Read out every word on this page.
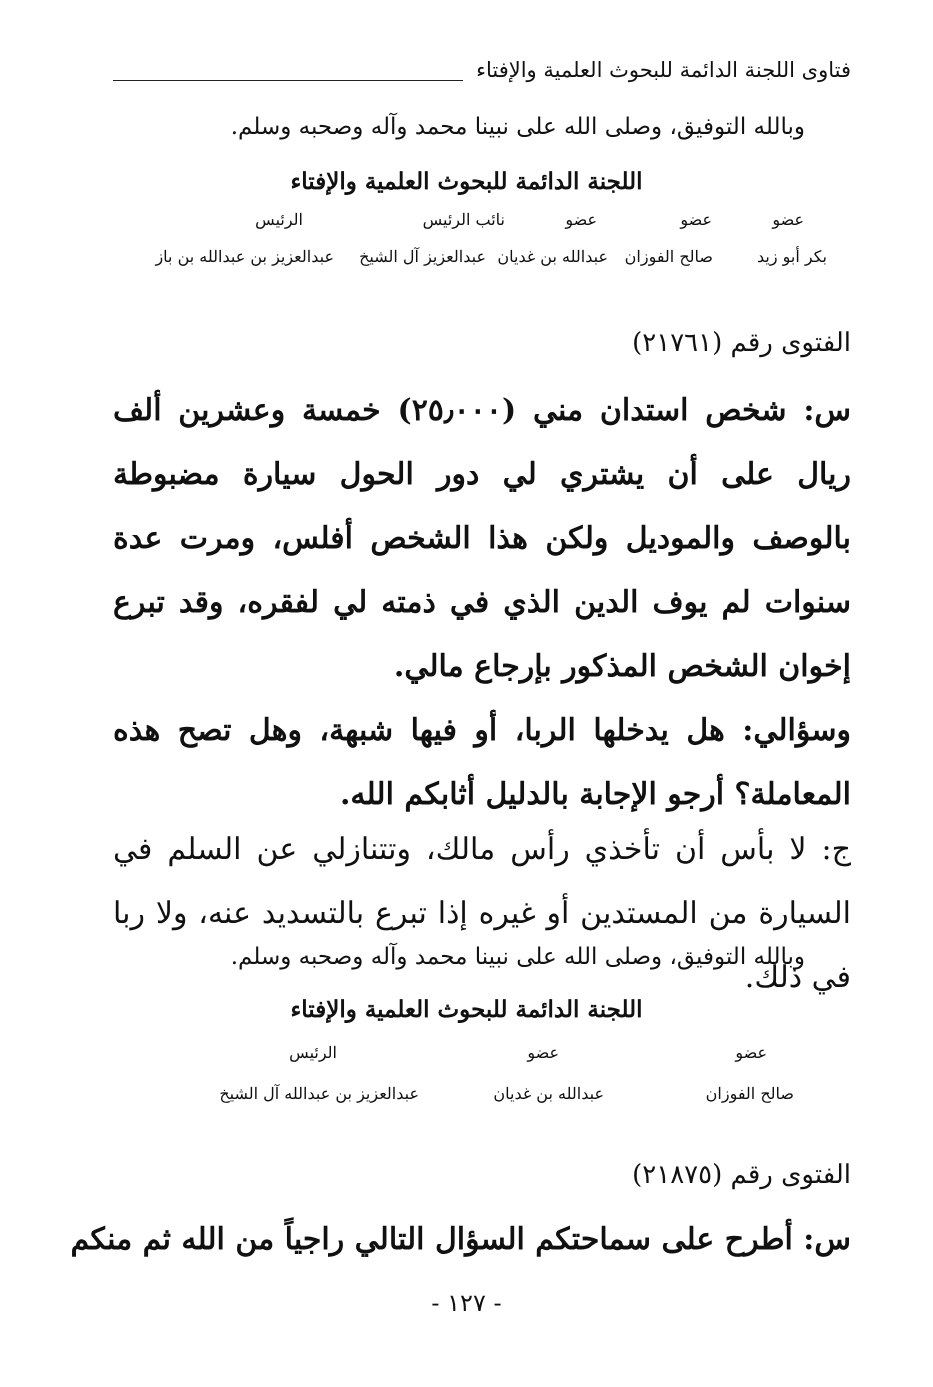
فتاوى اللجنة الدائمة للبحوث العلمية والإفتاء
وبالله التوفيق، وصلى الله على نبينا محمد وآله وصحبه وسلم.
اللجنة الدائمة للبحوث العلمية والإفتاء
عضو
عضو
عضو
نائب الرئيس
الرئيس
بكر أبو زيد
صالح الفوزان
عبدالله بن غديان
عبدالعزيز آل الشيخ
عبدالعزيز بن عبدالله بن باز
الفتوى رقم (٢١٧٦١)
س: شخص استدان مني (٢٥٫٠٠٠) خمسة وعشرين ألف ريال على أن يشتري لي دور الحول سيارة مضبوطة بالوصف والموديل ولكن هذا الشخص أفلس، ومرت عدة سنوات لم يوف الدين الذي في ذمته لي لفقره، وقد تبرع إخوان الشخص المذكور بإرجاع مالي.
وسؤالي: هل يدخلها الربا، أو فيها شبهة، وهل تصح هذه المعاملة؟ أرجو الإجابة بالدليل أثابكم الله.
ج: لا بأس أن تأخذي رأس مالك، وتتنازلي عن السلم في السيارة من المستدين أو غيره إذا تبرع بالتسديد عنه، ولا ربا في ذلك.
وبالله التوفيق، وصلى الله على نبينا محمد وآله وصحبه وسلم.
اللجنة الدائمة للبحوث العلمية والإفتاء
عضو
عضو
الرئيس
صالح الفوزان
عبدالله بن غديان
عبدالعزيز بن عبدالله آل الشيخ
الفتوى رقم (٢١٨٧٥)
س: أطرح على سماحتكم السؤال التالي راجياً من الله ثم منكم
- ١٢٧ -
